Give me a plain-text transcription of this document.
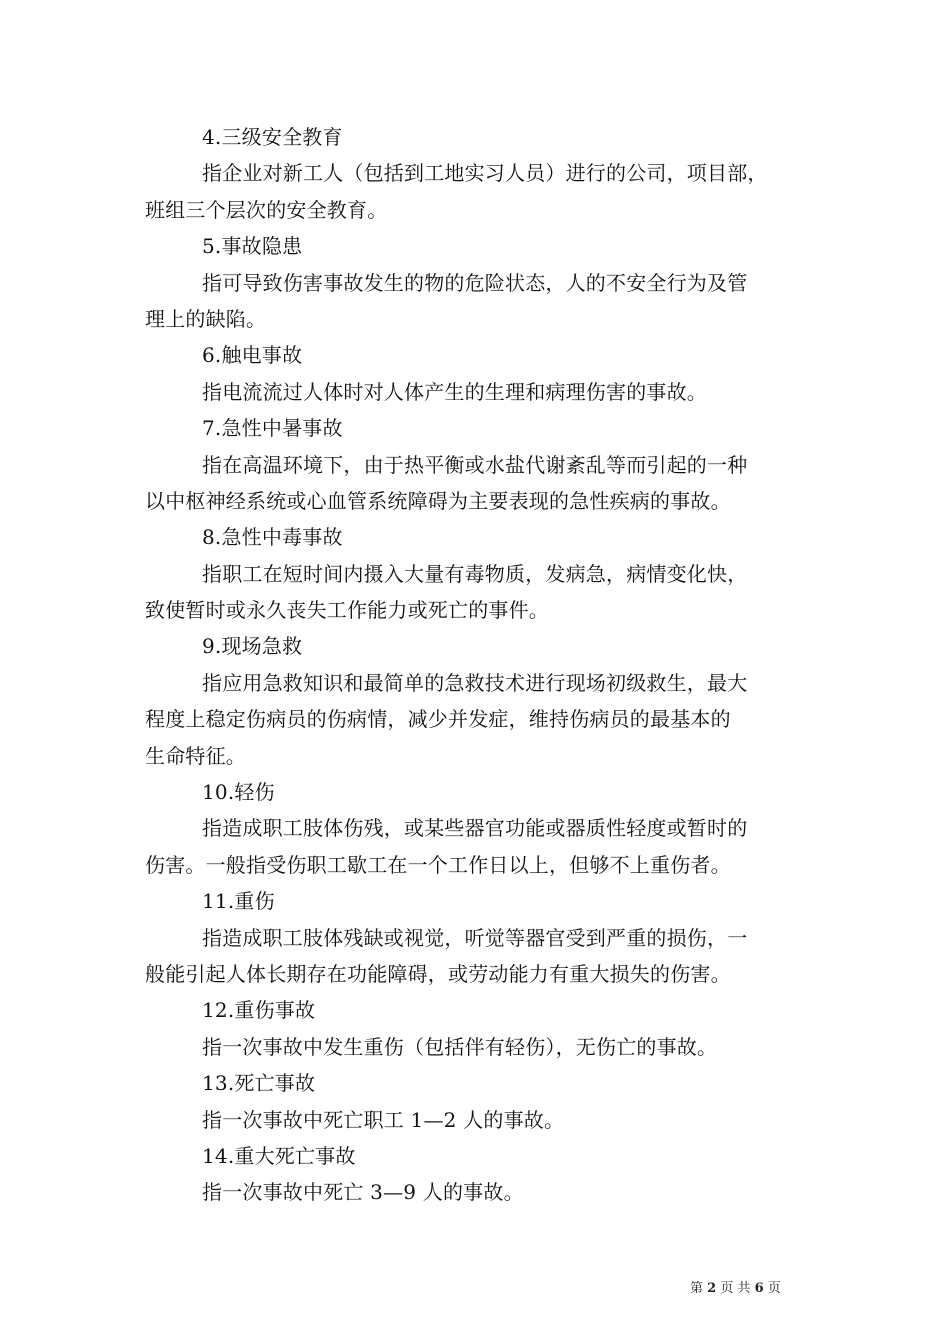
4.三级安全教育
指企业对新工人（包括到工地实习人员）进行的公司，项目部，
班组三个层次的安全教育。
5.事故隐患
指可导致伤害事故发生的物的危险状态，人的不安全行为及管
理上的缺陷。
6.触电事故
指电流流过人体时对人体产生的生理和病理伤害的事故。
7.急性中暑事故
指在高温环境下，由于热平衡或水盐代谢紊乱等而引起的一种
以中枢神经系统或心血管系统障碍为主要表现的急性疾病的事故。
8.急性中毒事故
指职工在短时间内摄入大量有毒物质，发病急，病情变化快，
致使暂时或永久丧失工作能力或死亡的事件。
9.现场急救
指应用急救知识和最简单的急救技术进行现场初级救生，最大
程度上稳定伤病员的伤病情，减少并发症，维持伤病员的最基本的
生命特征。
10.轻伤
指造成职工肢体伤残，或某些器官功能或器质性轻度或暂时的
伤害。一般指受伤职工歇工在一个工作日以上，但够不上重伤者。
11.重伤
指造成职工肢体残缺或视觉，听觉等器官受到严重的损伤，一
般能引起人体长期存在功能障碍，或劳动能力有重大损失的伤害。
12.重伤事故
指一次事故中发生重伤（包括伴有轻伤），无伤亡的事故。
13.死亡事故
指一次事故中死亡职工 1—2 人的事故。
14.重大死亡事故
指一次事故中死亡 3—9 人的事故。
第 2 页 共 6 页
